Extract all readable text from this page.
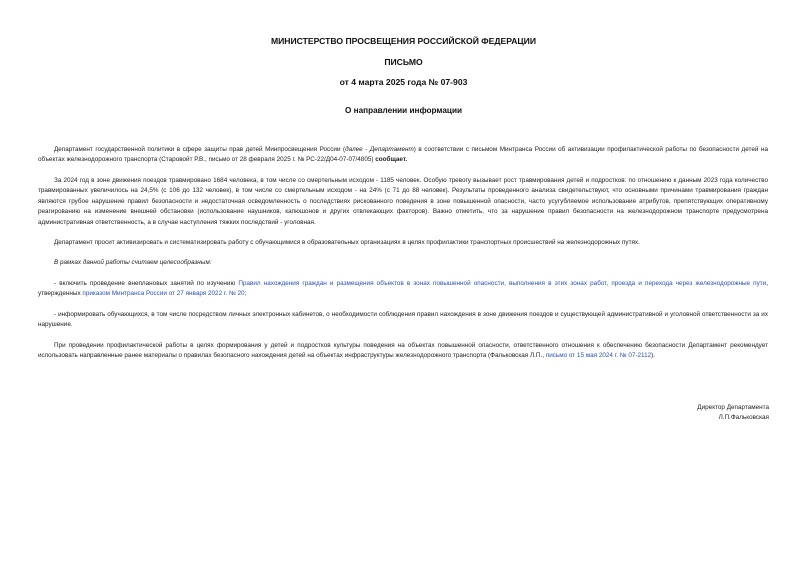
МИНИСТЕРСТВО ПРОСВЕЩЕНИЯ РОССИЙСКОЙ ФЕДЕРАЦИИ
ПИСЬМО
от 4 марта 2025 года № 07-903
О направлении информации
Департамент государственной политики в сфере защиты прав детей Минпросвещения России (далее - Департамент) в соответствии с письмом Минтранса России об активизации профилактической работы по безопасности детей на объектах железнодорожного транспорта (Старовойт Р.В., письмо от 28 февраля 2025 г. № РС-22/Д04-07-07/4805) сообщает.
За 2024 год в зоне движения поездов травмировано 1684 человека, в том числе со смертельным исходом - 1185 человек. Особую тревогу вызывает рост травмирования детей и подростков: по отношению к данным 2023 года количество травмированных увеличилось на 24,5% (с 106 до 132 человек), в том числе со смертельным исходом - на 24% (с 71 до 88 человек). Результаты проведенного анализа свидетельствуют, что основными причинами травмирования граждан являются грубое нарушение правил безопасности и недостаточная осведомленность о последствиях рискованного поведения в зоне повышенной опасности, часто усугубляемое использование атрибутов, препятствующих оперативному реагированию на изменение внешней обстановки (использование наушников, капюшонов и других отвлекающих факторов). Важно отметить, что за нарушение правил безопасности на железнодорожном транспорте предусмотрена административная ответственность, а в случае наступления тяжких последствий - уголовная.
Департамент просит активизировать и систематизировать работу с обучающимися в образовательных организациях в целях профилактики транспортных происшествий на железнодорожных путях.
В рамках данной работы считаем целесообразным:
- включить проведение внеплановых занятий по изучению Правил нахождения граждан и размещения объектов в зонах повышенной опасности, выполнения в этих зонах работ, проезда и перехода через железнодорожные пути, утвержденных приказом Минтранса России от 27 января 2022 г. № 20;
- информировать обучающихся, в том числе посредством личных электронных кабинетов, о необходимости соблюдения правил нахождения в зоне движения поездов и существующей административной и уголовной ответственности за их нарушение.
При проведении профилактической работы в целях формирования у детей и подростков культуры поведения на объектах повышенной опасности, ответственного отношения к обеспечению безопасности Департамент рекомендует использовать направленные ранее материалы о правилах безопасного нахождения детей на объектах инфраструктуры железнодорожного транспорта (Фальковская Л.П., письмо от 15 мая 2024 г. № 07-2112).
Директор Департамента
Л.П.Фальковская
